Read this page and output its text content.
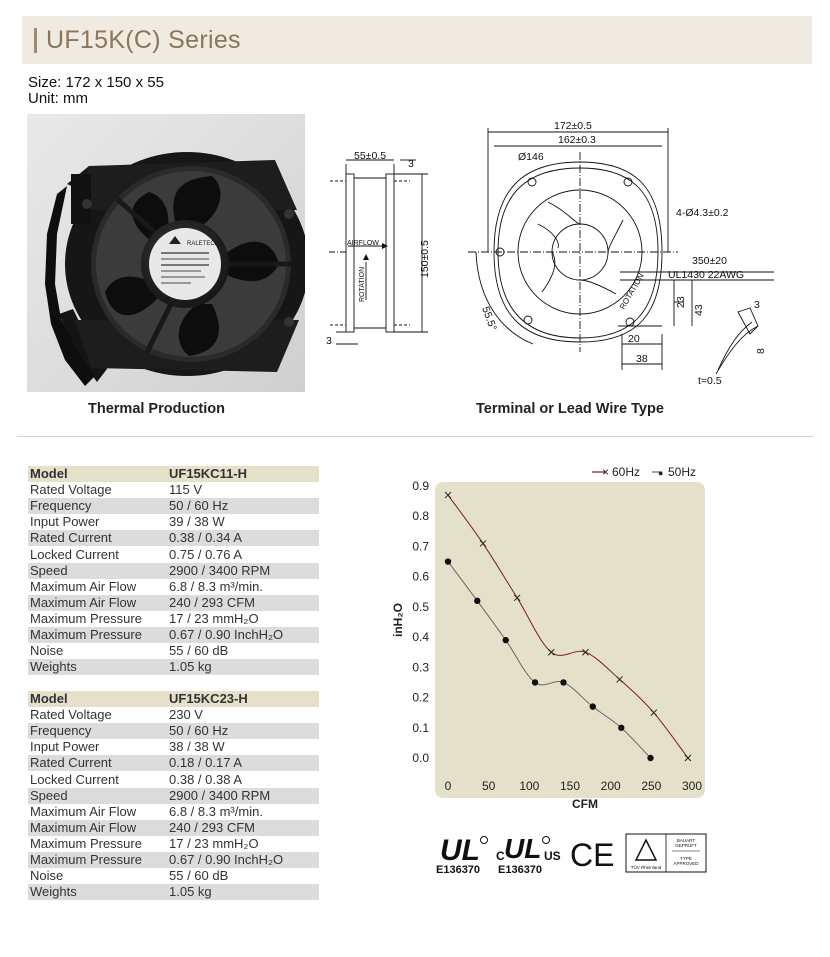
UF15K(C) Series
Size: 172 x 150 x 55
Unit: mm
RALETECH
Thermal Production
55±0.5
3
AIRFLOW
ROTATION
150±0.5
3
172±0.5
162±0.3
Ø146
4-Ø4.3±0.2
350±20
UL1430 22AWG
ROTATION
55.5°
23
43
20
38
3
8
t=0.5
Terminal or Lead Wire Type
Model	UF15KC11-H
Rated Voltage	115 V
Frequency	50 / 60 Hz
Input Power	39 / 38 W
Rated Current	0.38 / 0.34 A
Locked Current	0.75 / 0.76 A
Speed	2900 / 3400 RPM
Maximum Air Flow	6.8 / 8.3 m³/min.
Maximum Air Flow	240 / 293 CFM
Maximum Pressure	17 / 23 mmH₂O
Maximum Pressure	0.67 / 0.90 InchH₂O
Noise	55 / 60 dB
Weights	1.05 kg
Model	UF15KC23-H
Rated Voltage	230 V
Frequency	50 / 60 Hz
Input Power	38 / 38 W
Rated Current	0.18 / 0.17 A
Locked Current	0.38 / 0.38 A
Speed	2900 / 3400 RPM
Maximum Air Flow	6.8 / 8.3 m³/min.
Maximum Air Flow	240 / 293 CFM
Maximum Pressure	17 / 23 mmH₂O
Maximum Pressure	0.67 / 0.90 InchH₂O
Noise	55 / 60 dB
Weights	1.05 kg
0.0
0.1
0.2
0.3
0.4
0.5
0.6
0.7
0.8
0.9
0	50 100 150 200 250 300
CFM
inH₂O
× 60Hz ● 50Hz
UL
E136370
C UL US
E136370 CE	TÜV Rheinland
BAUART
GEPRÜFT
TYPE
APPROVED
